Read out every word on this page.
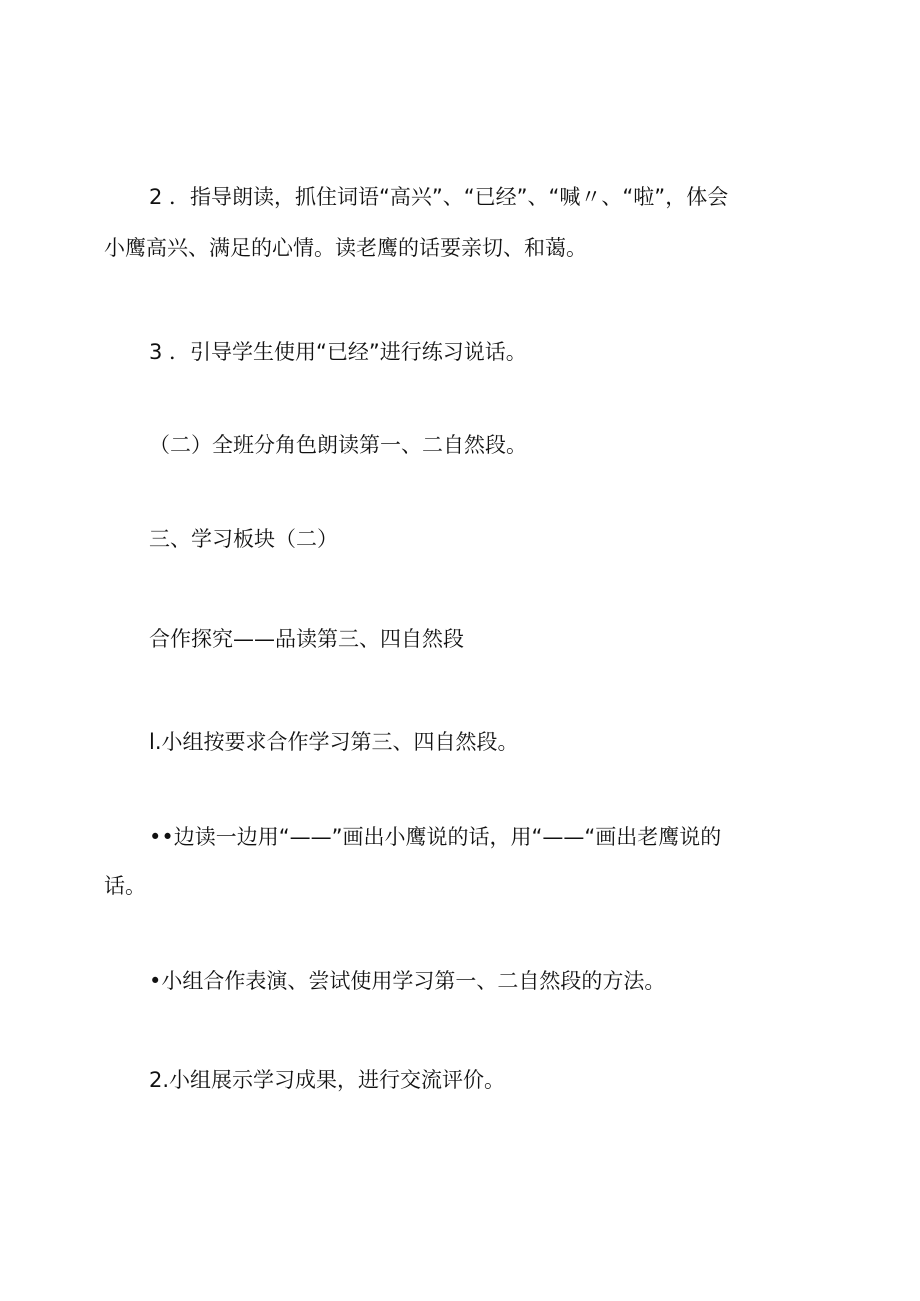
2 ．指导朗读，抓住词语“高兴”、“已经”、“喊〃、“啦”，体会

小鹰高兴、满足的心情。读老鹰的话要亲切、和蔼。

3 ．引导学生使用“已经”进行练习说话。

（二）全班分角色朗读第一、二自然段。

三、学习板块（二）

合作探究——品读第三、四自然段

l.小组按要求合作学习第三、四自然段。

••边读一边用“——”画出小鹰说的话，用“——“画出老鹰说的

话。

•小组合作表演、尝试使用学习第一、二自然段的方法。

2.小组展示学习成果，进行交流评价。
